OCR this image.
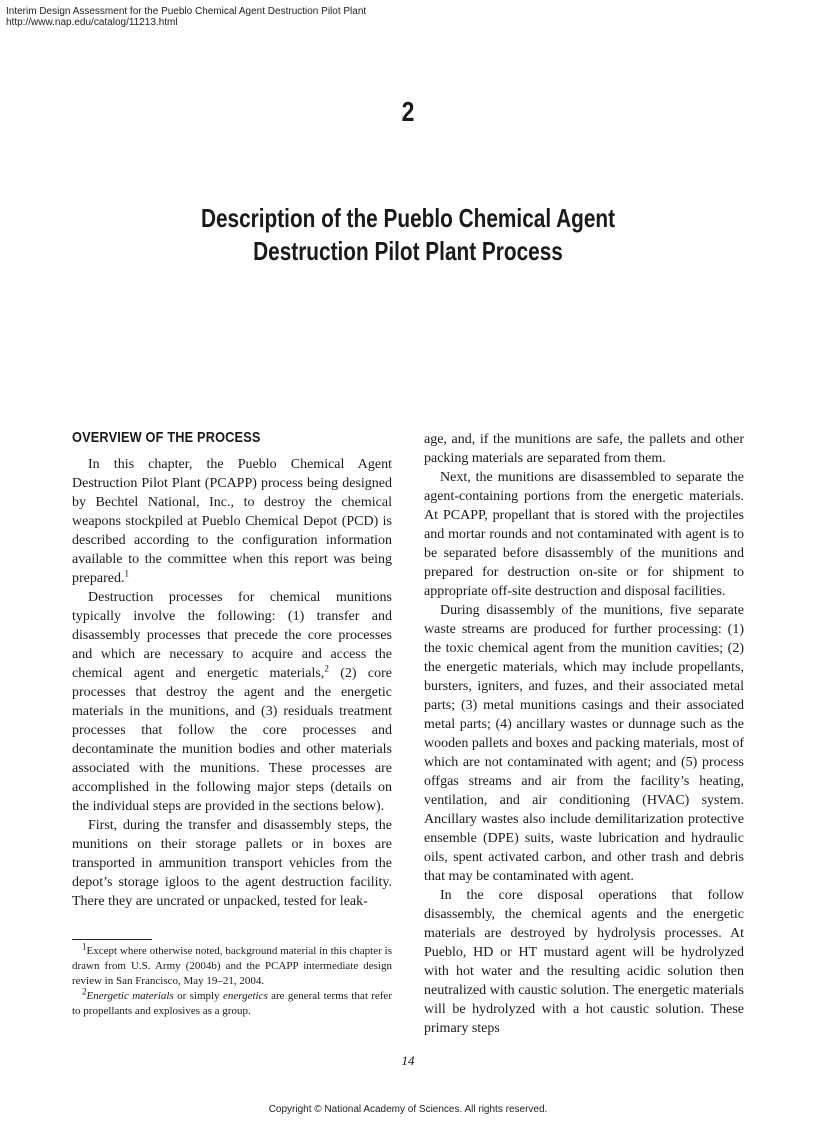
Interim Design Assessment for the Pueblo Chemical Agent Destruction Pilot Plant
http://www.nap.edu/catalog/11213.html
2
Description of the Pueblo Chemical Agent
Destruction Pilot Plant Process
OVERVIEW OF THE PROCESS

In this chapter, the Pueblo Chemical Agent Destruction Pilot Plant (PCAPP) process being designed by Bechtel National, Inc., to destroy the chemical weapons stockpiled at Pueblo Chemical Depot (PCD) is described according to the configuration information available to the committee when this report was being prepared.$^1$

Destruction processes for chemical munitions typically involve the following: (1) transfer and disassembly processes that precede the core processes and which are necessary to acquire and access the chemical agent and energetic materials,$^2$ (2) core processes that destroy the agent and the energetic materials in the munitions, and (3) residuals treatment processes that follow the core processes and decontaminate the munition bodies and other materials associated with the munitions. These processes are accomplished in the following major steps (details on the individual steps are provided in the sections below).

First, during the transfer and disassembly steps, the munitions on their storage pallets or in boxes are transported in ammunition transport vehicles from the depot’s storage igloos to the agent destruction facility. There they are uncrated or unpacked, tested for leak-

age, and, if the munitions are safe, the pallets and other packing materials are separated from them.

Next, the munitions are disassembled to separate the agent-containing portions from the energetic materials. At PCAPP, propellant that is stored with the projectiles and mortar rounds and not contaminated with agent is to be separated before disassembly of the munitions and prepared for destruction on-site or for shipment to appropriate off-site destruction and disposal facilities.

During disassembly of the munitions, five separate waste streams are produced for further processing: (1) the toxic chemical agent from the munition cavities; (2) the energetic materials, which may include propellants, bursters, igniters, and fuzes, and their associated metal parts; (3) metal munitions casings and their associated metal parts; (4) ancillary wastes or dunnage such as the wooden pallets and boxes and packing materials, most of which are not contaminated with agent; and (5) process offgas streams and air from the facility’s heating, ventilation, and air conditioning (HVAC) system. Ancillary wastes also include demilitarization protective ensemble (DPE) suits, waste lubrication and hydraulic oils, spent activated carbon, and other trash and debris that may be contaminated with agent.

In the core disposal operations that follow disassembly, the chemical agents and the energetic materials are destroyed by hydrolysis processes. At Pueblo, HD or HT mustard agent will be hydrolyzed with hot water and the resulting acidic solution then neutralized with caustic solution. The energetic materials will be hydrolyzed with a hot caustic solution. These primary steps

$^1$Except where otherwise noted, background material in this chapter is drawn from U.S. Army (2004b) and the PCAPP intermediate design review in San Francisco, May 19–21, 2004.

$^2$Energetic materials or simply energetics are general terms that refer to propellants and explosives as a group.

14
Copyright © National Academy of Sciences. All rights reserved.
